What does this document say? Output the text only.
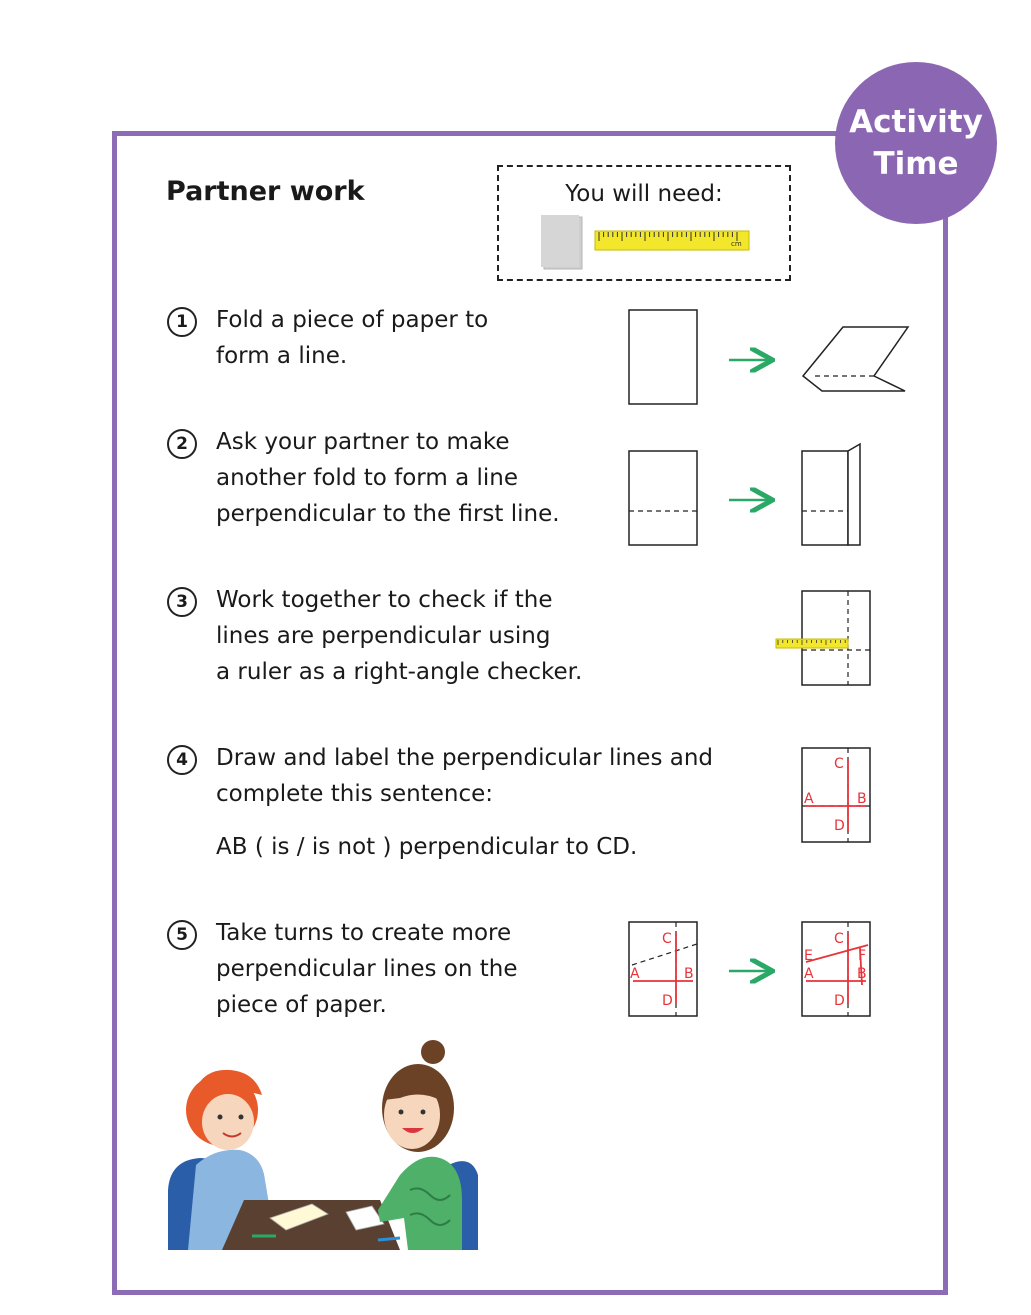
Activity
Time
Partner work	You will need:
cm
1	Fold a piece of paper to
form a line.
2	Ask your partner to make
another fold to form a line
perpendicular to the first line.
3	Work together to check if the
lines are perpendicular using
a ruler as a right-angle checker.
4	Draw and label the perpendicular lines and
complete this sentence:
AB ( is / is not ) perpendicular to CD.
5	Take turns to create more
perpendicular lines on the
piece of paper.
C
A	B
D
C
A	B
D
C
E	F
A	B
D
